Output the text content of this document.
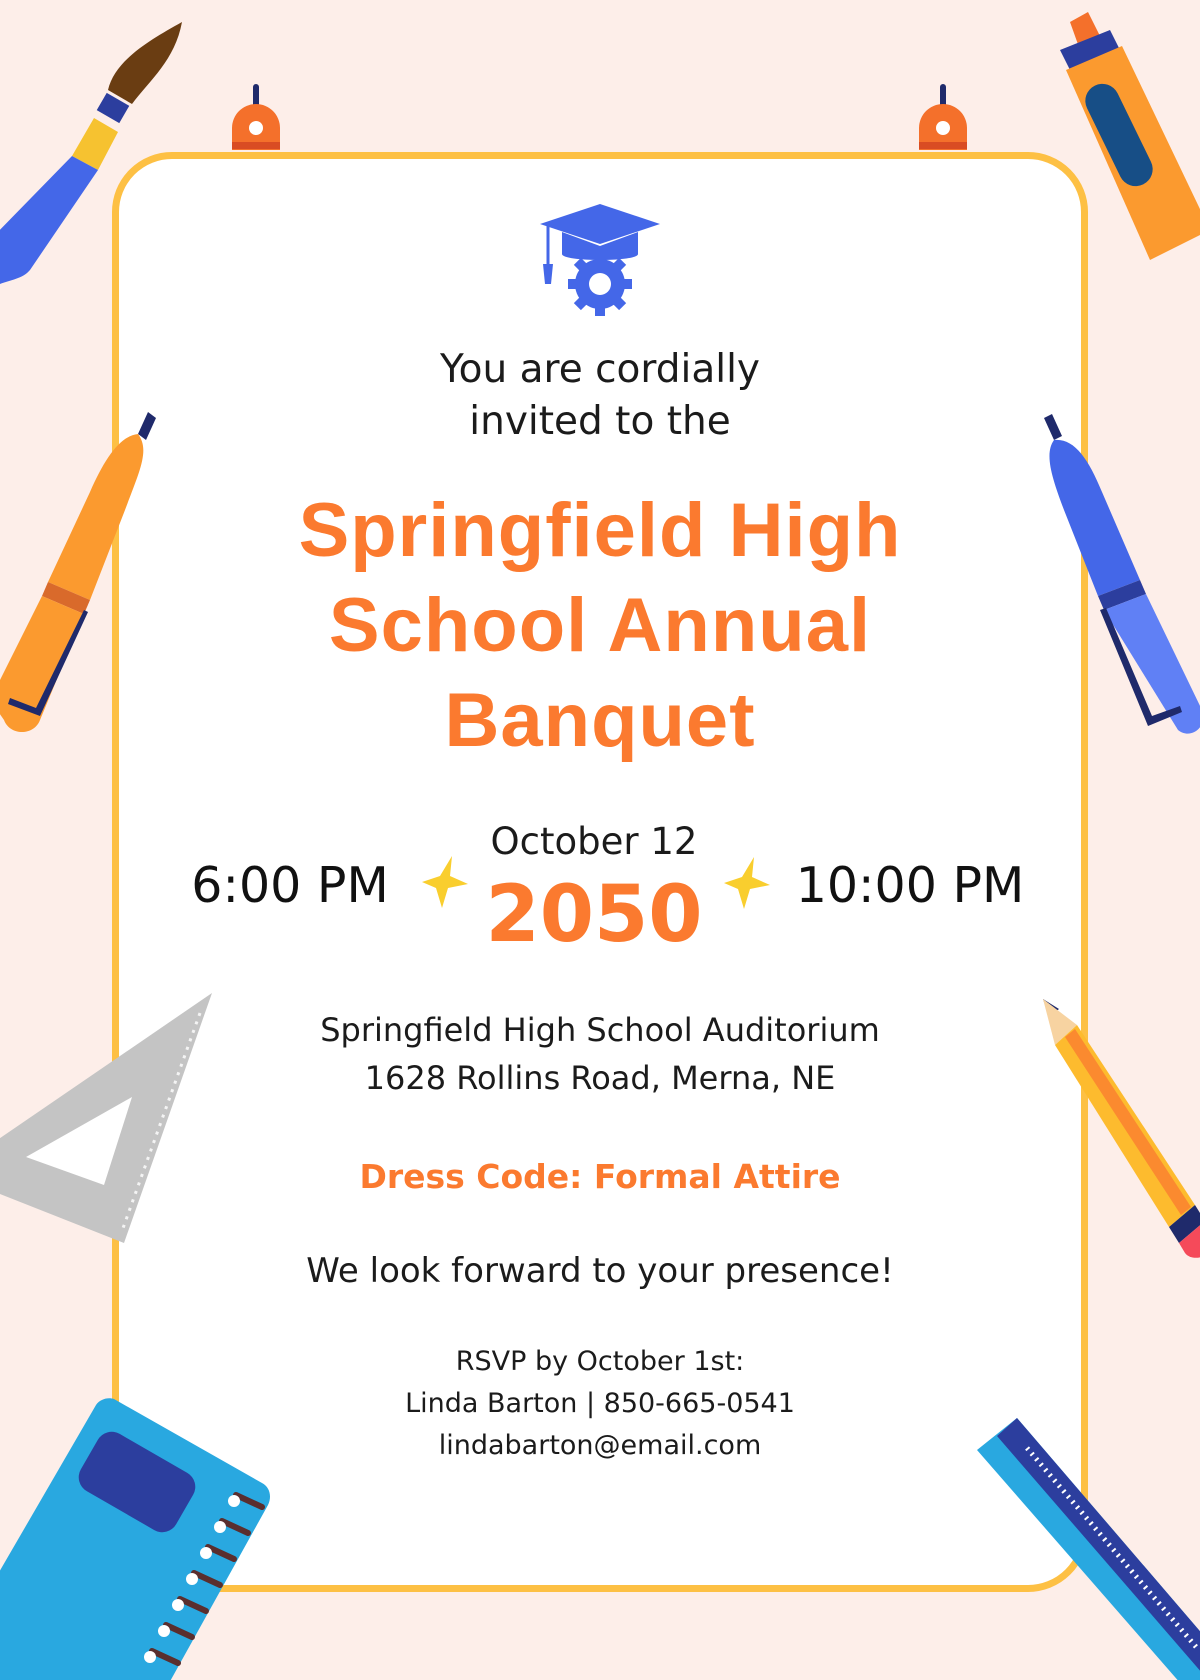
You are cordially
invited to the
Springfield High
School Annual
Banquet
6:00 PM
October 12
2050	10:00 PM
Springfield High School Auditorium
1628 Rollins Road, Merna, NE
Dress Code: Formal Attire
We look forward to your presence!
RSVP by October 1st:
Linda Barton | 850-665-0541
lindabarton@email.com
